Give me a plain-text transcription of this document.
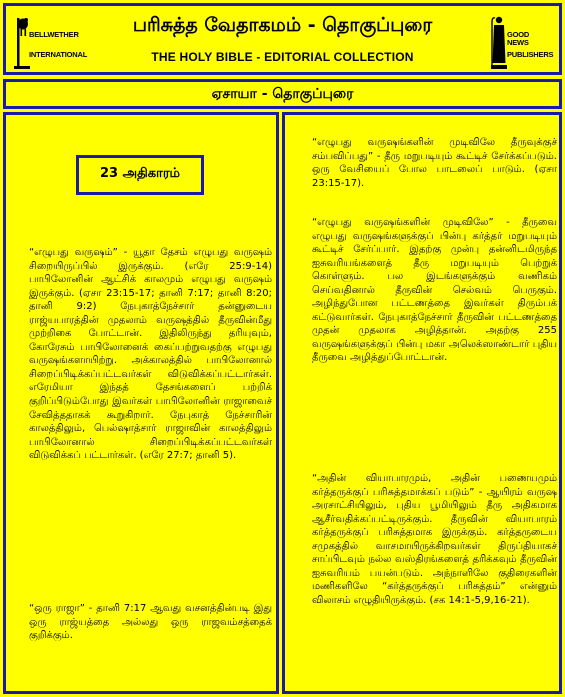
BELLWETHER
INTERNATIONAL
பரிசுத்த வேதாகமம் - தொகுப்புரை
THE HOLY BIBLE - EDITORIAL COLLECTION
GOOD NEWS
PUBLISHERS
ஏசாயா - தொகுப்புரை
23 அதிகாரம்

“எழுபது வருஷம்” - யூதா தேசம் எழுபது வருஷம் சிறையிருப்பில் இருக்கும். (எரே 25:9-14) பாபிலோனின் ஆட்சிக் காலமும் எழுபது வருஷம் இருக்கும். (ஏசா 23:15-17; தானி 7:17; தானி 8:20; தானி 9:2) நேபுகாத்நேச்சார் தன்னுடைய ராஜ்யபாரத்தின் முதலாம் வருஷத்தில் தீருவின்மீது முற்றிகை போட்டான். இதிலிருந்து தரியுவும், கோரேசும் பாபிலோனைக் கைப்பற்றுவதற்கு எழுபது வருஷங்களாயிற்று. அக்காலத்தில் பாபிலோனால் சிறைப்பிடிக்கப்பட்டவர்கள் விடுவிக்கப்பட்டார்கள். எரேமியா இந்தத் தேசங்களைப் பற்றிக் குறிப்பிடும்போது இவர்கள் பாபிலோனின் ராஜாவைச் சேவித்ததாகக் கூறுகிறார். நேபுகாத் நேச்சாரின் காலத்திலும், பெல்ஷாத்சார் ராஜாவின் காலத்திலும் பாபிலோனால் சிறைப்பிடிக்கப்பட்டவர்கள் விடுவிக்கப் பட்டார்கள். (எரே 27:7; தானி 5).

“ஒரு ராஜா” - தானி 7:17 ஆவது வசனத்தின்படி இது ஒரு ராஜ்யத்தை அல்லது ஒரு ராஜவம்சத்தைக் குறிக்கும்.

“எழுபது வருஷங்களின் முடிவிலே தீருவுக்குச் சம்பவிப்பது” - தீரு மறுபடியும் கூட்டிச் சேர்க்கப்படும். ஒரு வேசியைப் போல பாடலைப் பாடும். (ஏசா 23:15-17).

“எழுபது வருஷங்களின் முடிவிலே” - தீருவை எழுபது வருஷங்களுக்குப் பின்பு கர்த்தர் மறுபடியும் கூட்டிச் சேர்ப்பார். இதற்கு முன்பு தன்னிடமிருந்த ஐசுவரியங்களைத் தீரு மறுபடியும் பெற்றுக் கொள்ளும். பல இடங்களுக்கும் வணிகம் செய்வதினால் தீருவின் செல்வம் பெருகும். அழிந்துபோன பட்டணத்தை இவர்கள் திரும்பக் கட்டுவார்கள். நேபுகாத்நேச்சார் தீருவின் பட்டணத்தை முதன் முதலாக அழித்தான். அதற்கு 255 வருஷங்களுக்குப் பின்பு மகா அலெக்ஸாண்டார் புதிய தீருவை அழித்துப்போட்டான்.

“அதின் வியாபாரமும், அதின் பணையமும் கர்த்தருக்குப் பரிசுத்தமாக்கப் படும்” - ஆயிரம் வருஷ அரசாட்சியிலும், புதிய பூமியிலும் தீரு அதிகமாக ஆசீர்வதிக்கப்பட்டிருக்கும். தீருவின் வியாபாரம் கர்த்தருக்குப் பரிசுத்தமாக இருக்கும். கர்த்தருடைய சமுகத்தில் வாசமாயிருக்கிறவர்கள் திருப்தியாகச் சாப்பிடவும் நல்ல வஸ்திரங்களைத் தரிக்கவும் தீருவின் ஐசுவரியம் பயன்படும். அந்நாளிலே குதிரைகளின் மணிகளிலே “கர்த்தருக்குப் பரிசுத்தம்” என்னும் விலாசம் எழுதியிருக்கும். (சக 14:1-5,9,16-21).
